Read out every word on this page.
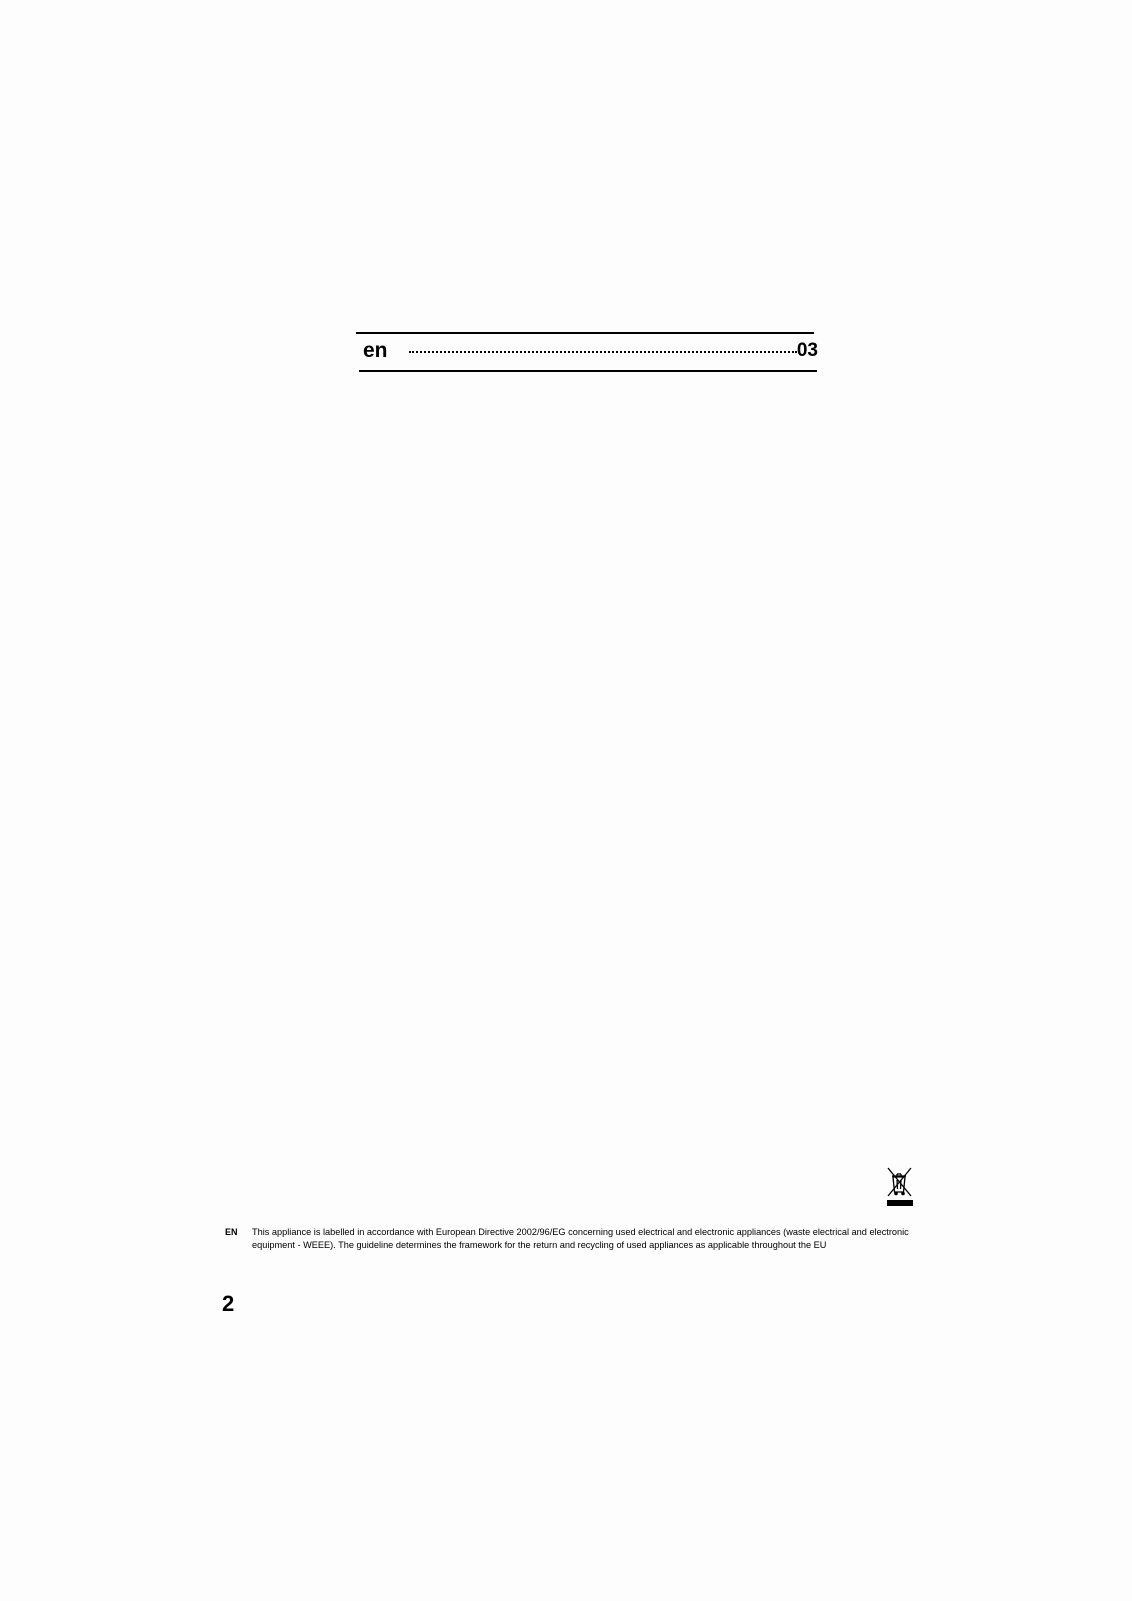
en	03
EN This appliance is labelled in accordance with European Directive 2002/96/EG concerning used electrical and electronic appliances (waste electrical and electronic equipment - WEEE). The guideline determines the framework for the return and recycling of used appliances as applicable throughout the EU
2
